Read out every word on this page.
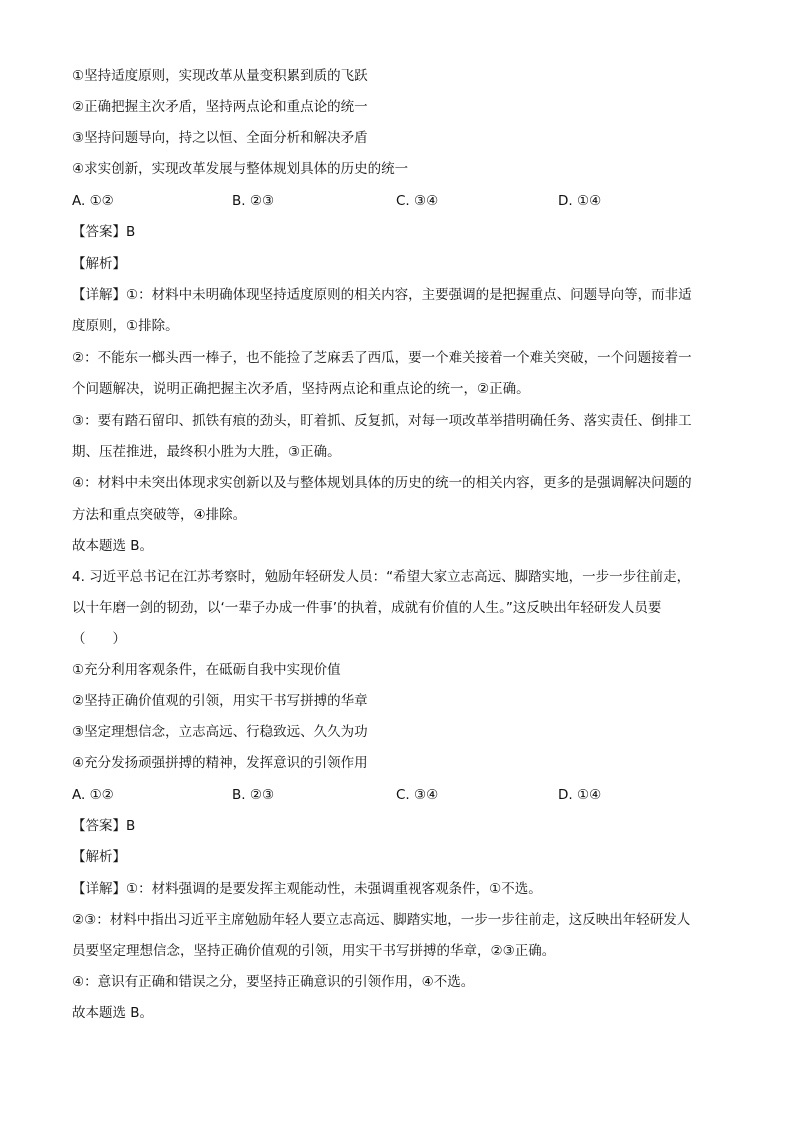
①坚持适度原则，实现改革从量变积累到质的飞跃
②正确把握主次矛盾，坚持两点论和重点论的统一
③坚持问题导向，持之以恒、全面分析和解决矛盾
④求实创新，实现改革发展与整体规划具体的历史的统一
A. ①②	B. ②③	C. ③④	D. ①④
【答案】B
【解析】
【详解】①：材料中未明确体现坚持适度原则的相关内容，主要强调的是把握重点、问题导向等，而非适
度原则，①排除。
②：不能东一榔头西一棒子，也不能捡了芝麻丢了西瓜，要一个难关接着一个难关突破，一个问题接着一
个问题解决，说明正确把握主次矛盾，坚持两点论和重点论的统一，②正确。
③：要有踏石留印、抓铁有痕的劲头，盯着抓、反复抓，对每一项改革举措明确任务、落实责任、倒排工
期、压茬推进，最终积小胜为大胜，③正确。
④：材料中未突出体现求实创新以及与整体规划具体的历史的统一的相关内容，更多的是强调解决问题的
方法和重点突破等，④排除。
故本题选 B。
4. 习近平总书记在江苏考察时，勉励年轻研发人员：“希望大家立志高远、脚踏实地，一步一步往前走，
以十年磨一剑的韧劲，以‘一辈子办成一件事’的执着，成就有价值的人生。”这反映出年轻研发人员要
（　　）
①充分利用客观条件，在砥砺自我中实现价值
②坚持正确价值观的引领，用实干书写拼搏的华章
③坚定理想信念，立志高远、行稳致远、久久为功
④充分发扬顽强拼搏的精神，发挥意识的引领作用
A. ①②	B. ②③	C. ③④	D. ①④
【答案】B
【解析】
【详解】①：材料强调的是要发挥主观能动性，未强调重视客观条件，①不选。
②③：材料中指出习近平主席勉励年轻人要立志高远、脚踏实地，一步一步往前走，这反映出年轻研发人
员要坚定理想信念，坚持正确价值观的引领，用实干书写拼搏的华章，②③正确。
④：意识有正确和错误之分，要坚持正确意识的引领作用，④不选。
故本题选 B。
